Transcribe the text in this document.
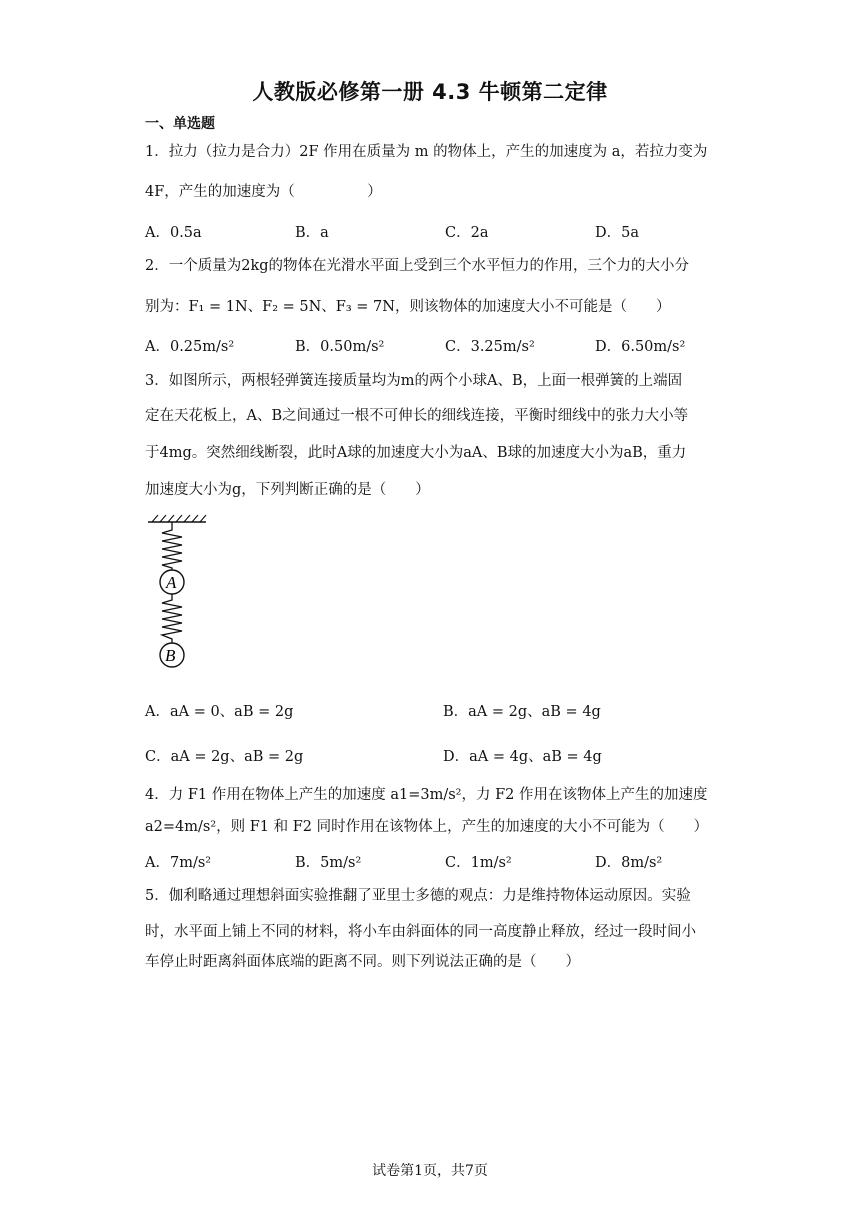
人教版必修第一册 4.3 牛顿第二定律
一、单选题
1．拉力（拉力是合力）2F 作用在质量为 m 的物体上，产生的加速度为 a，若拉力变为
4F，产生的加速度为（　　　　　）
A．0.5a	B．a	C．2a	D．5a
2．一个质量为2kg的物体在光滑水平面上受到三个水平恒力的作用，三个力的大小分
别为：F₁ = 1N、F₂ = 5N、F₃ = 7N，则该物体的加速度大小不可能是（　　）
A．0.25m/s²	B．0.50m/s²	C．3.25m/s²	D．6.50m/s²
3．如图所示，两根轻弹簧连接质量均为m的两个小球A、B，上面一根弹簧的上端固
定在天花板上，A、B之间通过一根不可伸长的细线连接，平衡时细线中的张力大小等
于4mg。突然细线断裂，此时A球的加速度大小为aA、B球的加速度大小为aB，重力
加速度大小为g，下列判断正确的是（　　）
A
B
A．aA = 0、aB = 2g	B．aA = 2g、aB = 4g
C．aA = 2g、aB = 2g	D．aA = 4g、aB = 4g
4．力 F1 作用在物体上产生的加速度 a1=3m/s²，力 F2 作用在该物体上产生的加速度
a2=4m/s²，则 F1 和 F2 同时作用在该物体上，产生的加速度的大小不可能为（　　）
A．7m/s²	B．5m/s²	C．1m/s²	D．8m/s²
5．伽利略通过理想斜面实验推翻了亚里士多德的观点：力是维持物体运动原因。实验
时，水平面上铺上不同的材料，将小车由斜面体的同一高度静止释放，经过一段时间小
车停止时距离斜面体底端的距离不同。则下列说法正确的是（　　）
试卷第1页，共7页
